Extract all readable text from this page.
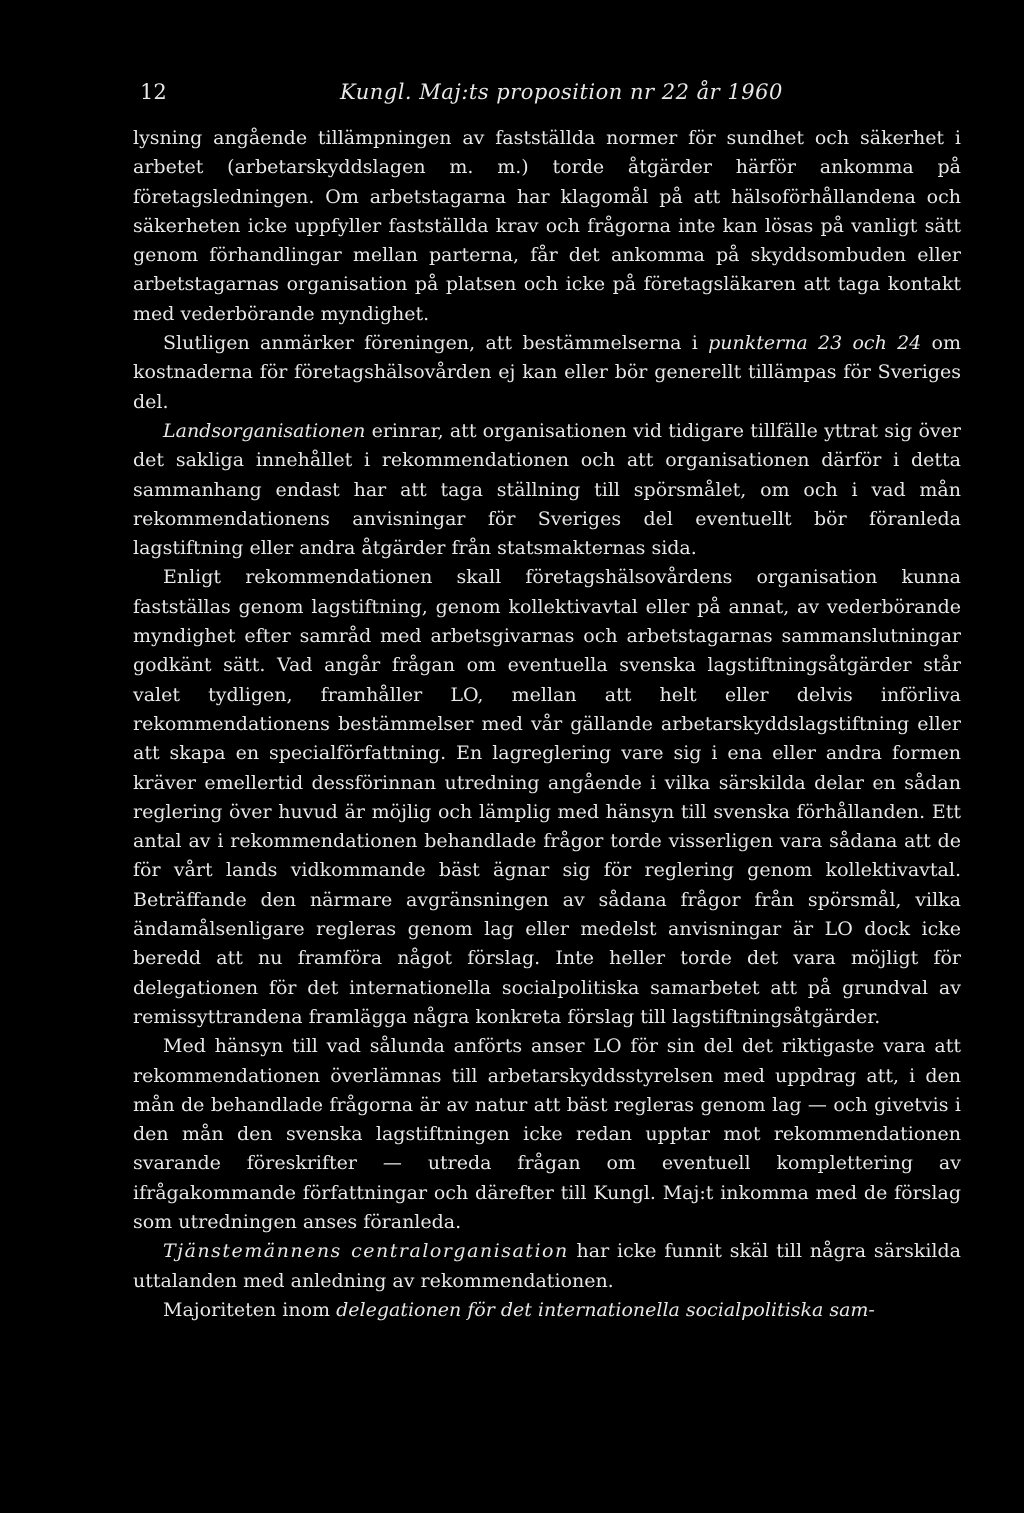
12	Kungl. Maj:ts proposition nr 22 år 1960

lysning angående tillämpningen av fastställda normer för sundhet och säkerhet i arbetet (arbetarskyddslagen m. m.) torde åtgärder härför ankomma på företagsledningen. Om arbetstagarna har klagomål på att hälsoförhållandena och säkerheten icke uppfyller fastställda krav och frågorna inte kan lösas på vanligt sätt genom förhandlingar mellan parterna, får det ankomma på skyddsombuden eller arbetstagarnas organisation på platsen och icke på företagsläkaren att taga kontakt med vederbörande myndighet.

Slutligen anmärker föreningen, att bestämmelserna i punkterna 23 och 24 om kostnaderna för företagshälsovården ej kan eller bör generellt tillämpas för Sveriges del.

Landsorganisationen erinrar, att organisationen vid tidigare tillfälle yttrat sig över det sakliga innehållet i rekommendationen och att organisationen därför i detta sammanhang endast har att taga ställning till spörsmålet, om och i vad mån rekommendationens anvisningar för Sveriges del eventuellt bör föranleda lagstiftning eller andra åtgärder från statsmakternas sida.

Enligt rekommendationen skall företagshälsovårdens organisation kunna fastställas genom lagstiftning, genom kollektivavtal eller på annat, av vederbörande myndighet efter samråd med arbetsgivarnas och arbetstagarnas sammanslutningar godkänt sätt. Vad angår frågan om eventuella svenska lagstiftningsåtgärder står valet tydligen, framhåller LO, mellan att helt eller delvis införliva rekommendationens bestämmelser med vår gällande arbetarskyddslagstiftning eller att skapa en specialförfattning. En lagreglering vare sig i ena eller andra formen kräver emellertid dessförinnan utredning angående i vilka särskilda delar en sådan reglering över huvud är möjlig och lämplig med hänsyn till svenska förhållanden. Ett antal av i rekommendationen behandlade frågor torde visserligen vara sådana att de för vårt lands vidkommande bäst ägnar sig för reglering genom kollektivavtal. Beträffande den närmare avgränsningen av sådana frågor från spörsmål, vilka ändamålsenligare regleras genom lag eller medelst anvisningar är LO dock icke beredd att nu framföra något förslag. Inte heller torde det vara möjligt för delegationen för det internationella socialpolitiska samarbetet att på grundval av remissyttrandena framlägga några konkreta förslag till lagstiftningsåtgärder.

Med hänsyn till vad sålunda anförts anser LO för sin del det riktigaste vara att rekommendationen överlämnas till arbetarskyddsstyrelsen med uppdrag att, i den mån de behandlade frågorna är av natur att bäst regleras genom lag — och givetvis i den mån den svenska lagstiftningen icke redan upptar mot rekommendationen svarande föreskrifter — utreda frågan om eventuell komplettering av ifrågakommande författningar och därefter till Kungl. Maj:t inkomma med de förslag som utredningen anses föranleda.

Tjänstemännens centralorganisation har icke funnit skäl till några särskilda uttalanden med anledning av rekommendationen.

Majoriteten inom delegationen för det internationella socialpolitiska sam-
